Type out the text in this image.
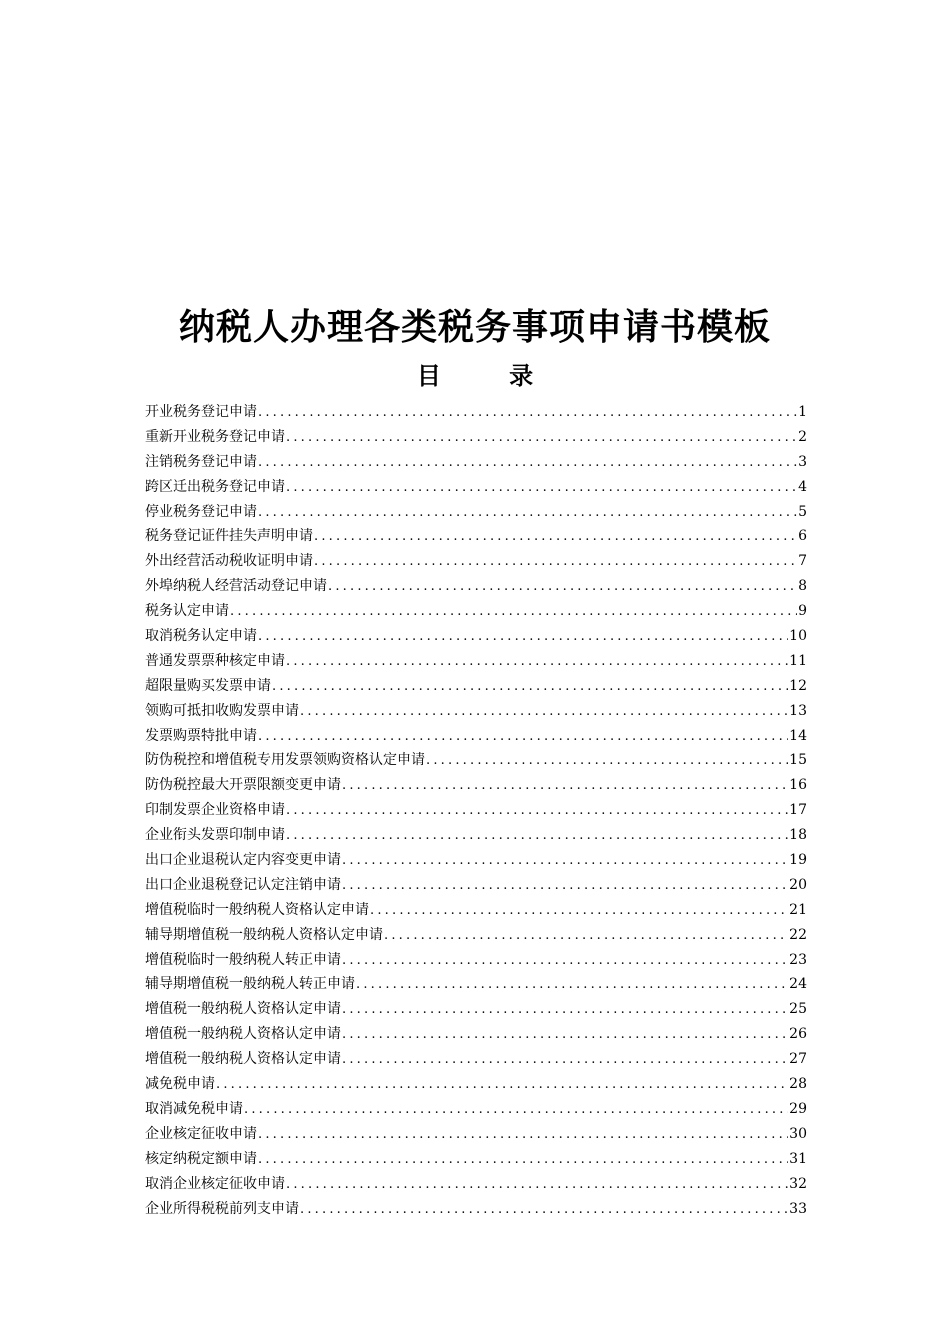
纳税人办理各类税务事项申请书模板
目 录
开业税务登记申请 .....	1
重新开业税务登记申请 .....	2
注销税务登记申请 .....	3
跨区迁出税务登记申请 .....	4
停业税务登记申请 .....	5
税务登记证件挂失声明申请 .....	6
外出经营活动税收证明申请 .....	7
外埠纳税人经营活动登记申请 .....	8
税务认定申请 .....	9
取消税务认定申请 .....	10
普通发票票种核定申请 .....	11
超限量购买发票申请 .....	12
领购可抵扣收购发票申请 .....	13
发票购票特批申请 .....	14
防伪税控和增值税专用发票领购资格认定申请 .....	15
防伪税控最大开票限额变更申请 .....	16
印制发票企业资格申请 .....	17
企业衔头发票印制申请 .....	18
出口企业退税认定内容变更申请 .....	19
出口企业退税登记认定注销申请 .....	20
增值税临时一般纳税人资格认定申请 .....	21
辅导期增值税一般纳税人资格认定申请 .....	22
增值税临时一般纳税人转正申请 .....	23
辅导期增值税一般纳税人转正申请 .....	24
增值税一般纳税人资格认定申请 .....	25
增值税一般纳税人资格认定申请 .....	26
增值税一般纳税人资格认定申请 .....	27
减免税申请 .....	28
取消减免税申请 .....	29
企业核定征收申请 .....	30
核定纳税定额申请 .....	31
取消企业核定征收申请 .....	32
企业所得税税前列支申请 .....	33
